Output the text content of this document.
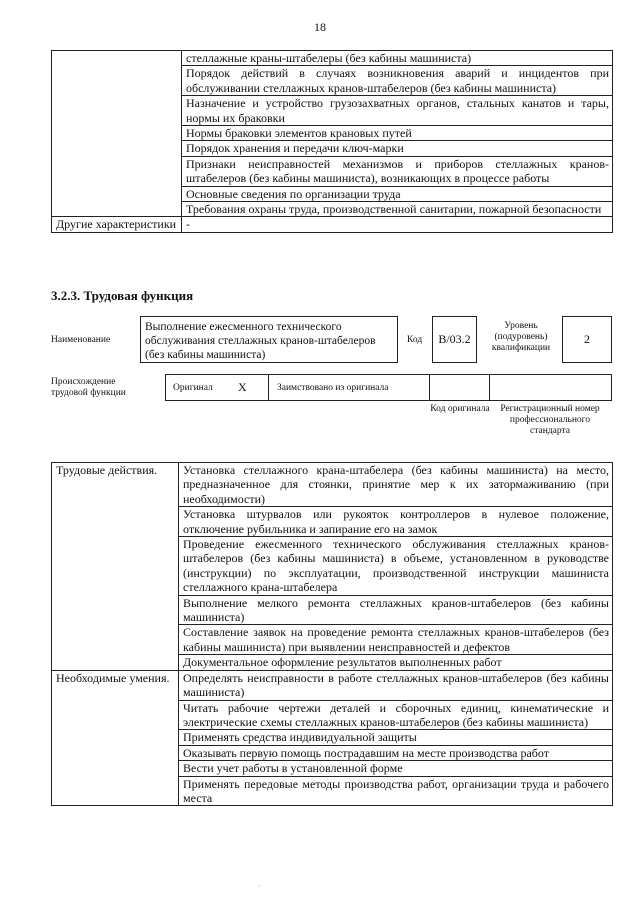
18
	стеллажные краны-штабелеры (без кабины машиниста)
	Порядок действий в случаях возникновения аварий и инцидентов при обслуживании стеллажных кранов-штабелеров (без кабины машиниста)
	Назначение и устройство грузозахватных органов, стальных канатов и тары, нормы их браковки
	Нормы браковки элементов крановых путей
	Порядок хранения и передачи ключ-марки
	Признаки неисправностей механизмов и приборов стеллажных кранов-штабелеров (без кабины машиниста), возникающих в процессе работы
	Основные сведения по организации труда
	Требования охраны труда, производственной санитарии, пожарной безопасности
Другие характеристики	-
3.2.3. Трудовая функция
Наименование
Выполнение ежесменного технического обслуживания стеллажных кранов-штабелеров (без кабины машиниста)
Код	B/03.2
Уровень (подуровень) квалификации
2
Происхождение трудовой функции	Оригинал X	Заимствовано из оригинала
Код оригинала	Регистрационный номер профессионального стандарта
Трудовые действия.	Установка стеллажного крана-штабелера (без кабины машиниста) на место, предназначенное для стоянки, принятие мер к их затормаживанию (при необходимости)
	Установка штурвалов или рукояток контроллеров в нулевое положение, отключение рубильника и запирание его на замок
	Проведение ежесменного технического обслуживания стеллажных кранов-штабелеров (без кабины машиниста) в объеме, установленном в руководстве (инструкции) по эксплуатации, производственной инструкции машиниста стеллажного крана-штабелера
	Выполнение мелкого ремонта стеллажных кранов-штабелеров (без кабины машиниста)
	Составление заявок на проведение ремонта стеллажных кранов-штабелеров (без кабины машиниста) при выявлении неисправностей и дефектов
	Документальное оформление результатов выполненных работ
Необходимые умения.	Определять неисправности в работе стеллажных кранов-штабелеров (без кабины машиниста)
	Читать рабочие чертежи деталей и сборочных единиц, кинематические и электрические схемы стеллажных кранов-штабелеров (без кабины машиниста)
	Применять средства индивидуальной защиты
	Оказывать первую помощь пострадавшим на месте производства работ
	Вести учет работы в установленной форме
	Применять передовые методы производства работ, организации труда и рабочего места
·
